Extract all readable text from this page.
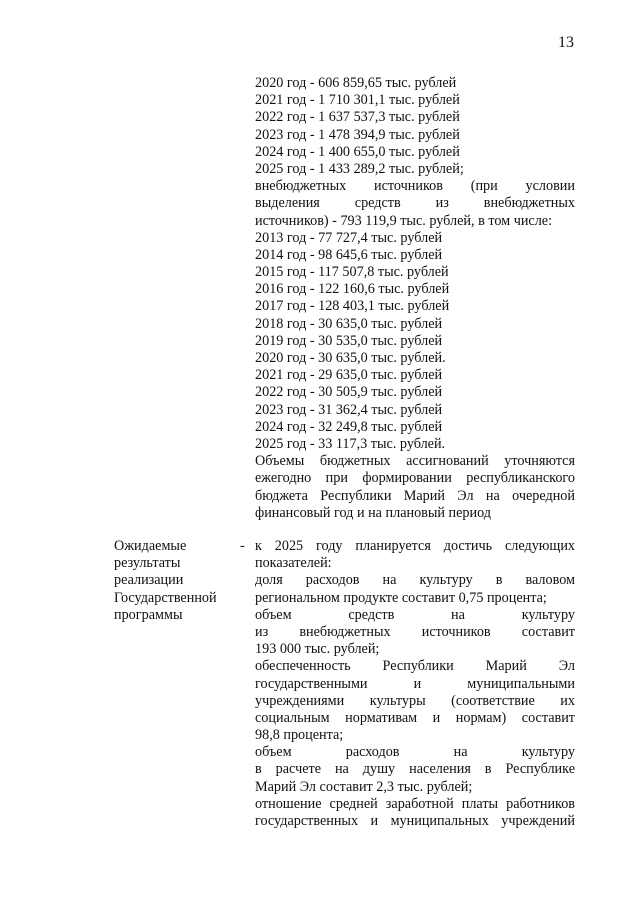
13
2020 год - 606 859,65 тыс. рублей
2021 год - 1 710 301,1 тыс. рублей
2022 год - 1 637 537,3 тыс. рублей
2023 год - 1 478 394,9 тыс. рублей
2024 год - 1 400 655,0 тыс. рублей
2025 год - 1 433 289,2 тыс. рублей;
внебюджетных источников (при условии
выделения средств из внебюджетных
источников) - 793 119,9 тыс. рублей, в том числе:
2013 год - 77 727,4 тыс. рублей
2014 год - 98 645,6 тыс. рублей
2015 год - 117 507,8 тыс. рублей
2016 год - 122 160,6 тыс. рублей
2017 год - 128 403,1 тыс. рублей
2018 год - 30 635,0 тыс. рублей
2019 год - 30 535,0 тыс. рублей
2020 год - 30 635,0 тыс. рублей.
2021 год - 29 635,0 тыс. рублей
2022 год - 30 505,9 тыс. рублей
2023 год - 31 362,4 тыс. рублей
2024 год - 32 249,8 тыс. рублей
2025 год - 33 117,3 тыс. рублей.
Объемы бюджетных ассигнований уточняются ежегодно при формировании республиканского бюджета Республики Марий Эл на очередной финансовый год и на плановый период
Ожидаемые
результаты
реализации
Государственной
программы
- к 2025 году планируется достичь следующих
показателей:
доля расходов на культуру в валовом
региональном продукте составит 0,75 процента;
объем средств на культуру
из внебюджетных источников составит
193 000 тыс. рублей;
обеспеченность Республики Марий Эл
государственными и муниципальными
учреждениями культуры (соответствие их
социальным нормативам и нормам) составит
98,8 процента;
объем расходов на культуру
в расчете на душу населения в Республике
Марий Эл составит 2,3 тыс. рублей;
отношение средней заработной платы работников
государственных и муниципальных учреждений
